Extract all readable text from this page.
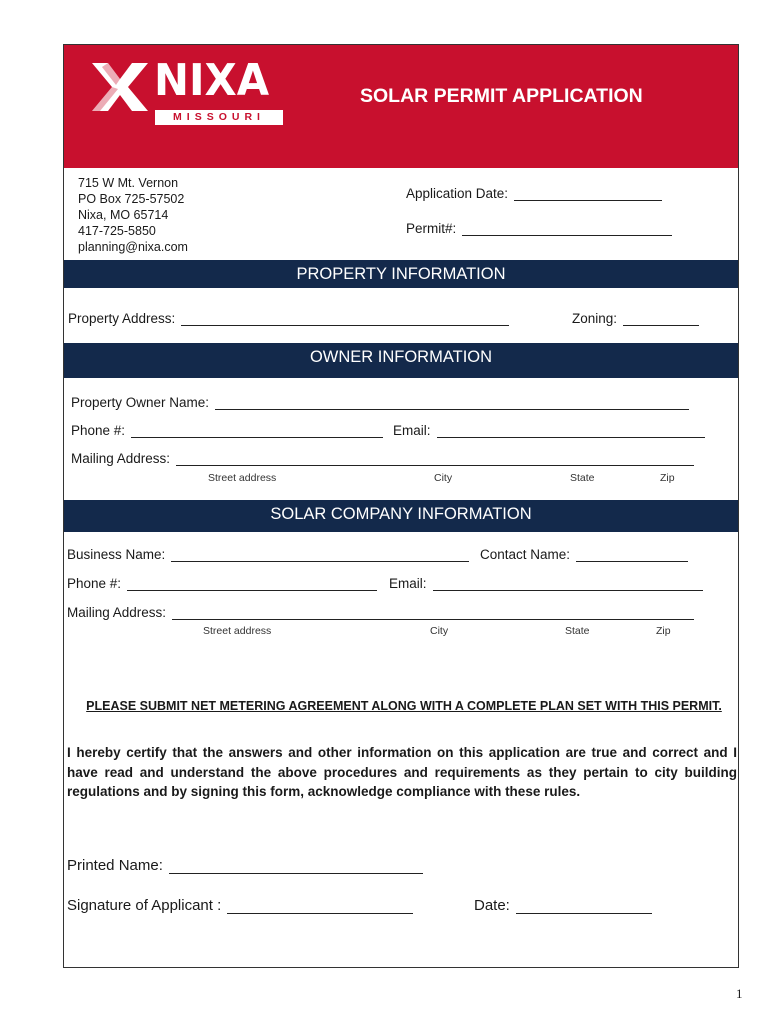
NIXA
MISSOURI
SOLAR PERMIT APPLICATION
715 W Mt. Vernon
PO Box 725-57502
Nixa, MO 65714
417-725-5850
planning@nixa.com
Application Date:
Permit#:
PROPERTY INFORMATION
Property Address:	Zoning:
OWNER INFORMATION
Property Owner Name:
Phone #:	Email:
Mailing Address:
Street address	City	State	Zip
SOLAR COMPANY INFORMATION
Business Name:	Contact Name:
Phone #:	Email:
Mailing Address:
Street address	City	State	Zip
PLEASE SUBMIT NET METERING AGREEMENT ALONG WITH A COMPLETE PLAN SET WITH THIS PERMIT.
I hereby certify that the answers and other information on this application are true and correct and I have read and understand the above procedures and requirements as they pertain to city building regulations and by signing this form, acknowledge compliance with these rules.
Printed Name:
Signature of Applicant :	Date:
1
